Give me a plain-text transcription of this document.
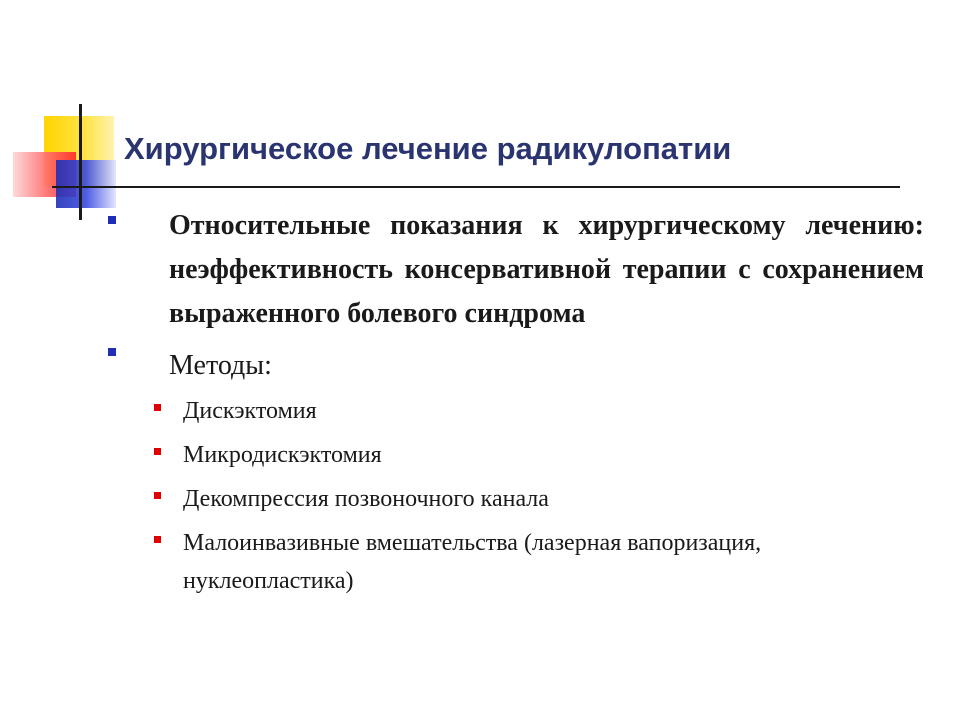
Хирургическое лечение радикулопатии
Относительные показания к хирургическому лечению: неэффективность консервативной терапии с сохранением выраженного болевого синдрома
Методы:
Дискэктомия
Микродискэктомия
Декомпрессия позвоночного канала
Малоинвазивные вмешательства (лазерная вапоризация, нуклеопластика)
